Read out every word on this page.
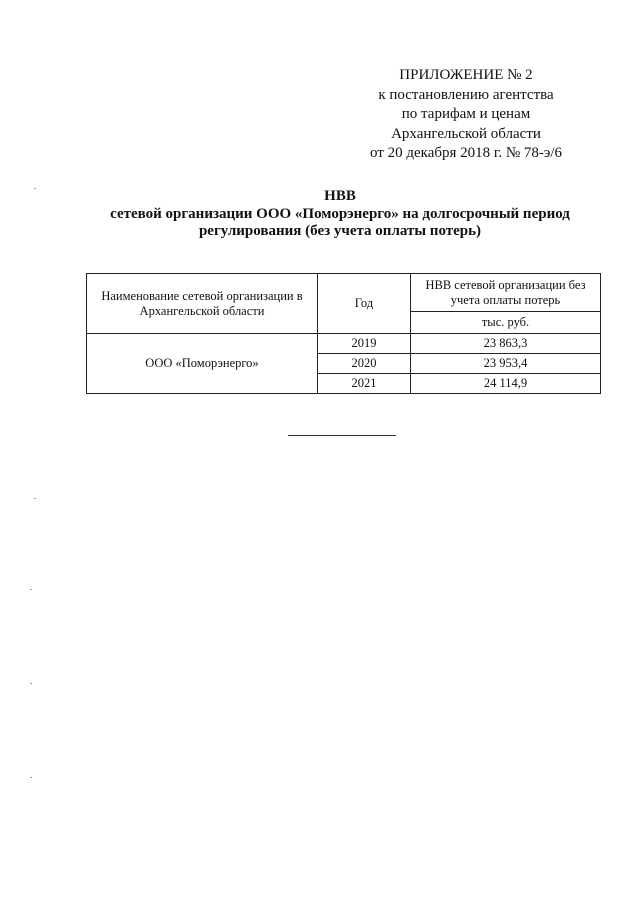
ПРИЛОЖЕНИЕ № 2
к постановлению агентства
по тарифам и ценам
Архангельской области
от 20 декабря 2018 г. № 78-э/6
НВВ
сетевой организации ООО «Поморэнерго» на долгосрочный период
регулирования (без учета оплаты потерь)
Наименование сетевой организации в Архангельской области	Год	НВВ сетевой организации без учета оплаты потерь
		тыс. руб.
ООО «Поморэнерго»	2019	23 863,3
	2020	23 953,4
	2021	24 114,9
